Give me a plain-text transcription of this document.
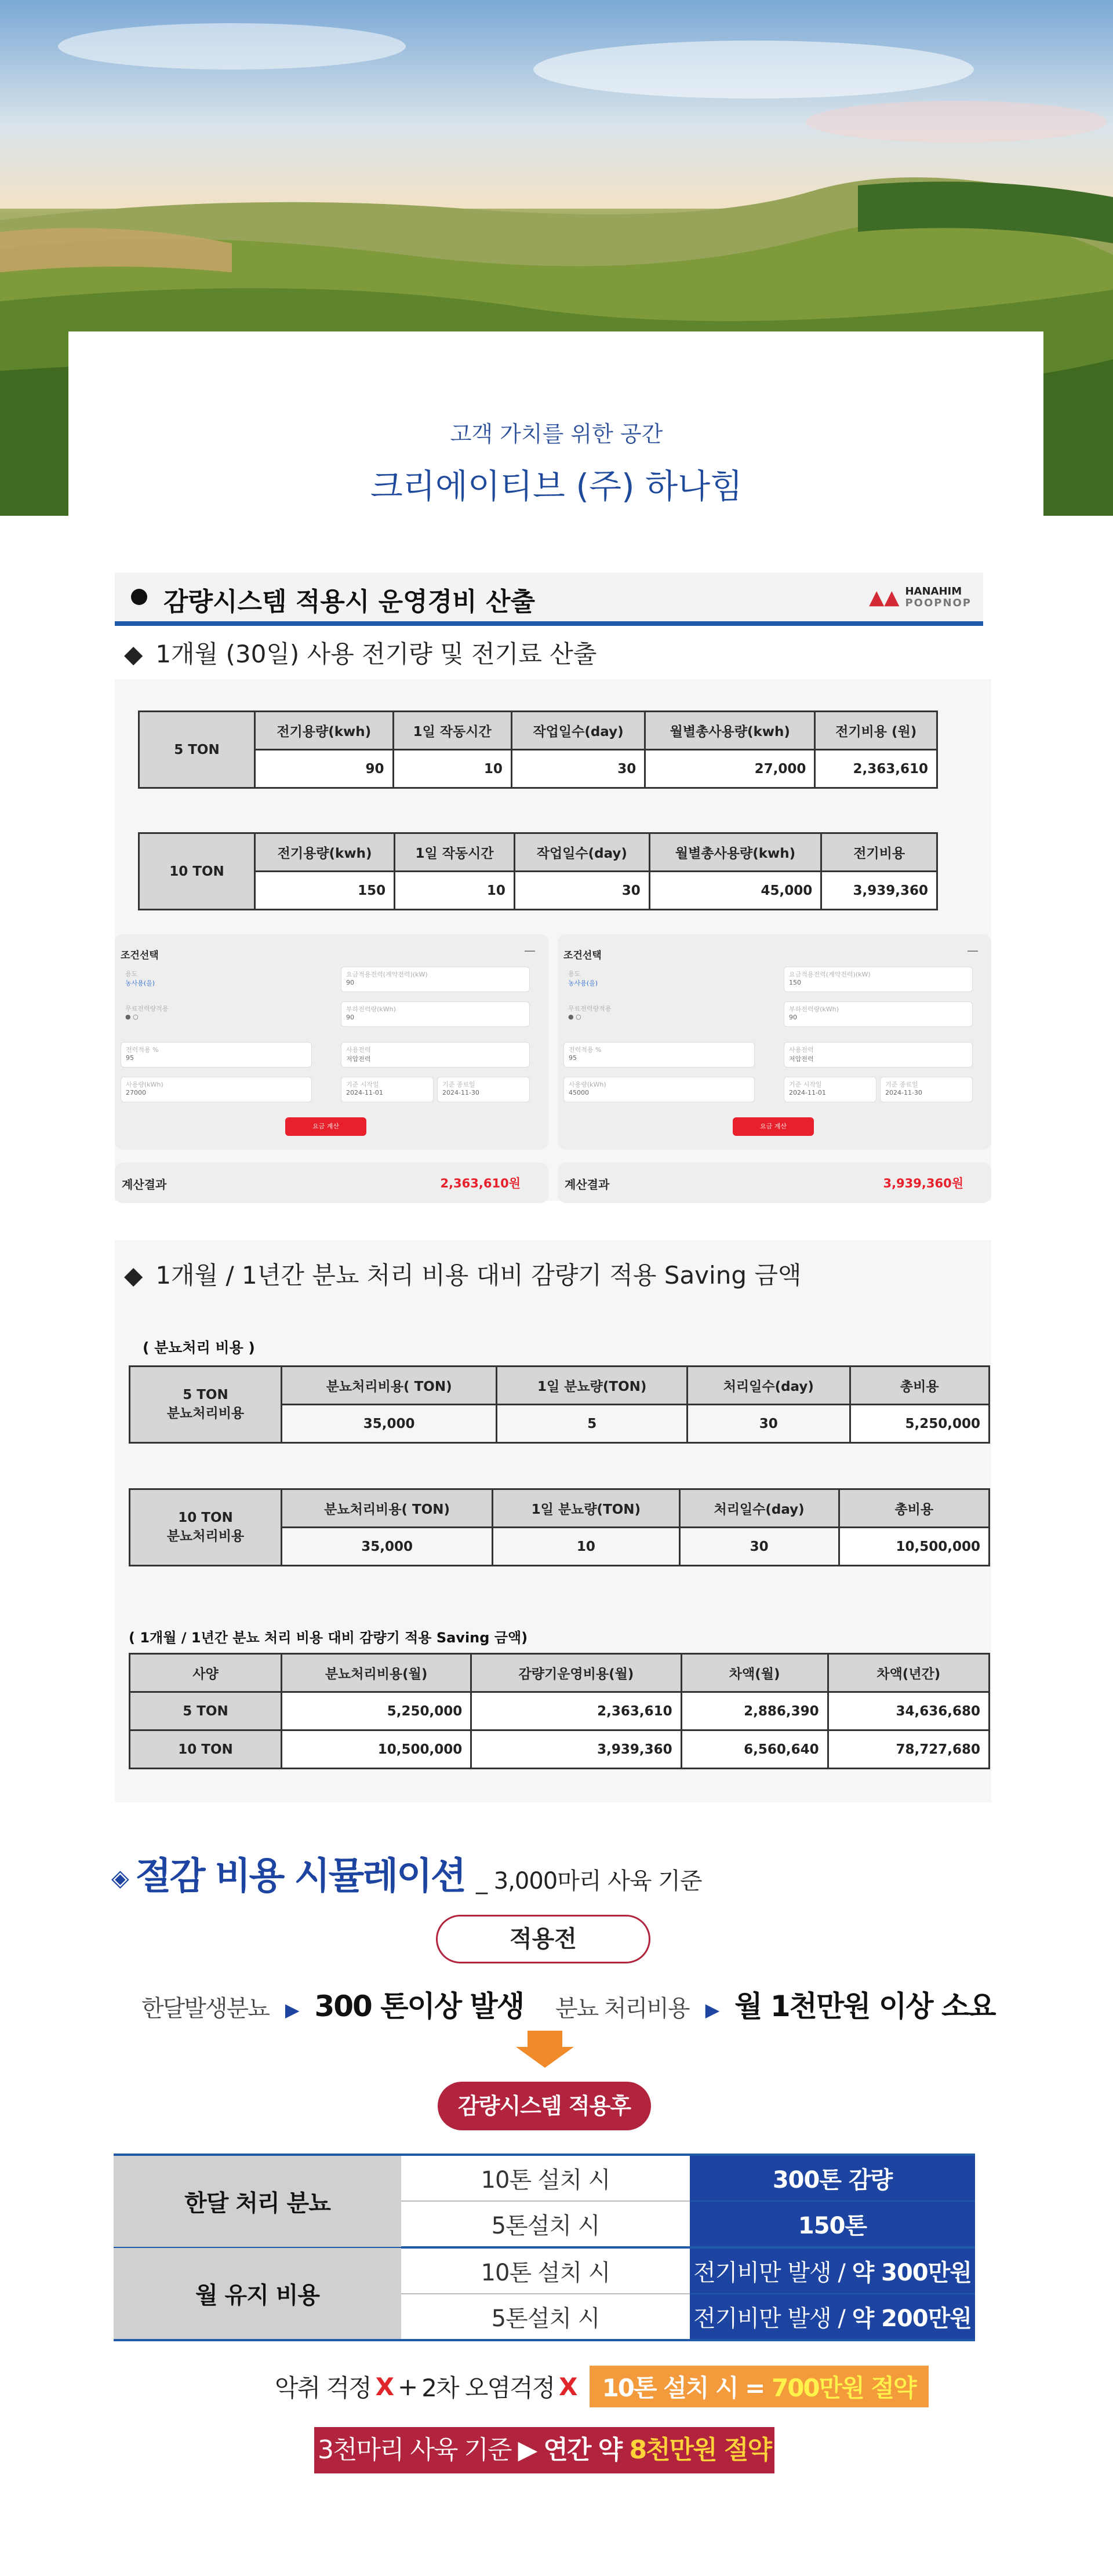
고객 가치를 위한 공간
크리에이티브 (주) 하나힘
감량시스템 적용시 운영경비 산출	▲▲ HANAHIM
POOPNOP
◆ 1개월 (30일) 사용 전기량 및 전기료 산출
5 TON	전기용량(kwh)	1일 작동시간	작업일수(day)	월별총사용량(kwh)	전기비용 (원)
	90	10	30	27,000	2,363,610
10 TON	전기용량(kwh)	1일 작동시간	작업일수(day)	월별총사용량(kwh)	전기비용
	150	10	30	45,000	3,939,360
조건선택	—
용도
농사용(을)
요금적용전력(계약전력)(kW)
90
무료전력량적용
● ○
부하전력량(kWh)
90
전력적용 %
95
사용전력
저압전력
사용량(kWh)
27000
기준 시작일
2024-11-01
기준 종료일
2024-11-30
요금 계산
계산결과	2,363,610원
조건선택	—
용도
농사용(을)
요금적용전력(계약전력)(kW)
150
무료전력량적용
● ○
부하전력량(kWh)
90
전력적용 %
95
사용전력
저압전력
사용량(kWh)
45000
기준 시작일
2024-11-01
기준 종료일
2024-11-30
요금 계산
계산결과	3,939,360원
◆ 1개월 / 1년간 분뇨 처리 비용 대비 감량기 적용 Saving 금액
( 분뇨처리 비용 )
5 TON
분뇨처리비용	분뇨처리비용( TON)	1일 분뇨량(TON)	처리일수(day)	총비용
	35,000	5	30	5,250,000
10 TON
분뇨처리비용	분뇨처리비용( TON)	1일 분뇨량(TON)	처리일수(day)	총비용
	35,000	10	30	10,500,000
( 1개월 / 1년간 분뇨 처리 비용 대비 감량기 적용 Saving 금액)
사양	분뇨처리비용(월)	감량기운영비용(월)	차액(월)	차액(년간)
5 TON	5,250,000	2,363,610	2,886,390	34,636,680
10 TON	10,500,000	3,939,360	6,560,640	78,727,680
◈ 절감 비용 시뮬레이션 _ 3,000마리 사육 기준
적용전
한달발생분뇨 ▶ 300 톤이상 발생 분뇨 처리비용 ▶ 월 1천만원 이상 소요
감량시스템 적용후
한달 처리 분뇨	10톤 설치 시	300톤 감량
	5톤설치 시	150톤
월 유지 비용	10톤 설치 시	전기비만 발생 / 약 300만원
	5톤설치 시	전기비만 발생 / 약 200만원
악취 걱정 X + 2차 오염걱정 X	10톤 설치 시 = 700만원 절약
3천마리 사육 기준 ▶ 연간 약 8천만원 절약
